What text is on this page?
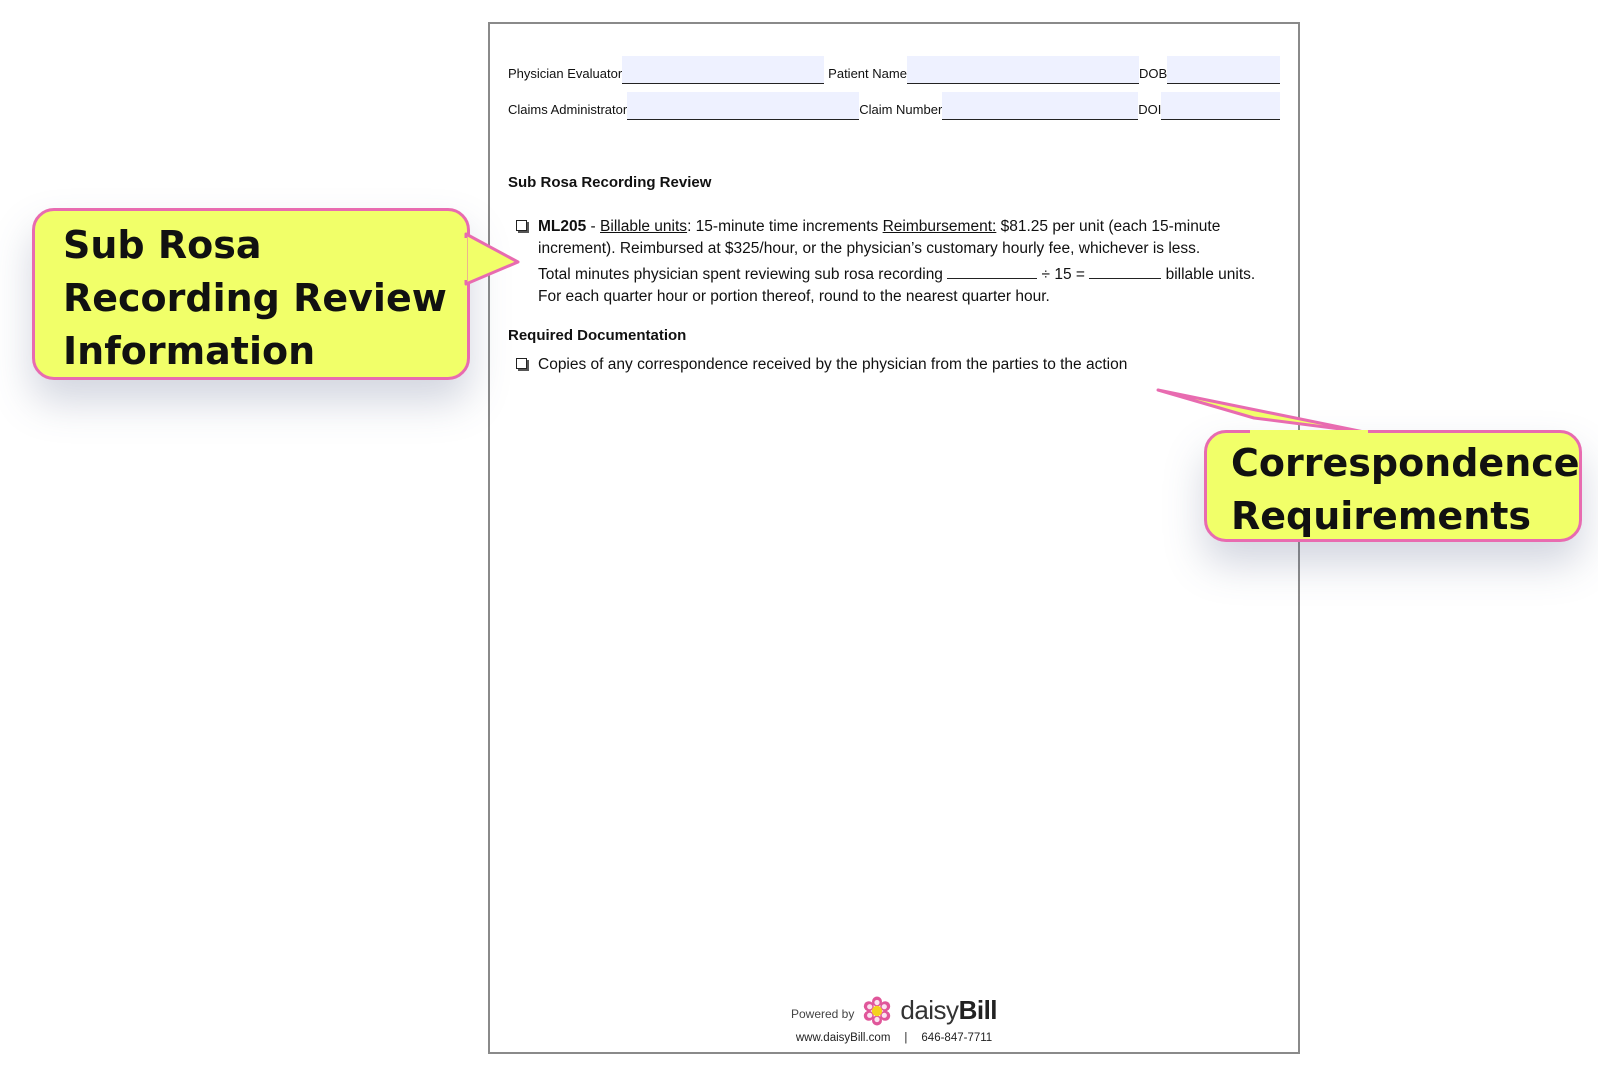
Physician Evaluator	Patient Name	DOB
Claims Administrator	Claim Number	DOI
Sub Rosa Recording Review
ML205 - Billable units: 15-minute time increments Reimbursement: $81.25 per unit (each 15-minute increment). Reimbursed at $325/hour, or the physician’s customary hourly fee, whichever is less.
Total minutes physician spent reviewing sub rosa recording	÷ 15 =	billable units. For each quarter hour or portion thereof, round to the nearest quarter hour.
Required Documentation
Copies of any correspondence received by the physician from the parties to the action
Powered by daisyBill
www.daisyBill.com | 646-847-7711
Sub Rosa
Recording Review
Information
Correspondence
Requirements
